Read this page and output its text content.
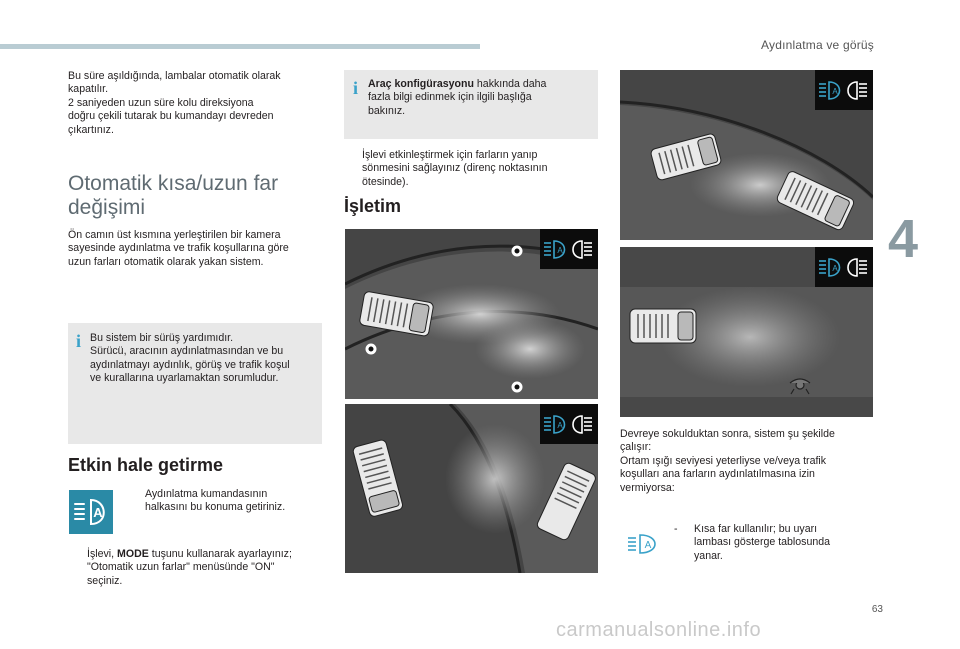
Aydınlatma ve görüş
4
Bu süre aşıldığında, lambalar otomatik olarak
kapatılır.
2 saniyeden uzun süre kolu direksiyona
doğru çekili tutarak bu kumandayı devreden
çıkartınız.
Otomatik kısa/uzun far
değişimi
Ön camın üst kısmına yerleştirilen bir kamera
sayesinde aydınlatma ve trafik koşullarına göre
uzun farları otomatik olarak yakan sistem.
i Bu sistem bir sürüş yardımıdır.
Sürücü, aracının aydınlatmasından ve bu
aydınlatmayı aydınlık, görüş ve trafik koşul
ve kurallarına uyarlamaktan sorumludur.
Etkin hale getirme
A
Aydınlatma kumandasının
halkasını bu konuma getiriniz.
İşlevi, MODE tuşunu kullanarak ayarlayınız;
"Otomatik uzun farlar" menüsünde "ON"
seçiniz.
i Araç konfigürasyonu hakkında daha
fazla bilgi edinmek için ilgili başlığa
bakınız.
İşlevi etkinleştirmek için farların yanıp
sönmesini sağlayınız (direnç noktasının
ötesinde).
İşletim
A
A
A
A
Devreye sokulduktan sonra, sistem şu şekilde
çalışır:
Ortam ışığı seviyesi yeterliyse ve/veya trafik
koşulları ana farların aydınlatılmasına izin
vermiyorsa:
A
- Kısa far kullanılır; bu uyarı
lambası gösterge tablosunda
yanar.
63
carmanualsonline.info
